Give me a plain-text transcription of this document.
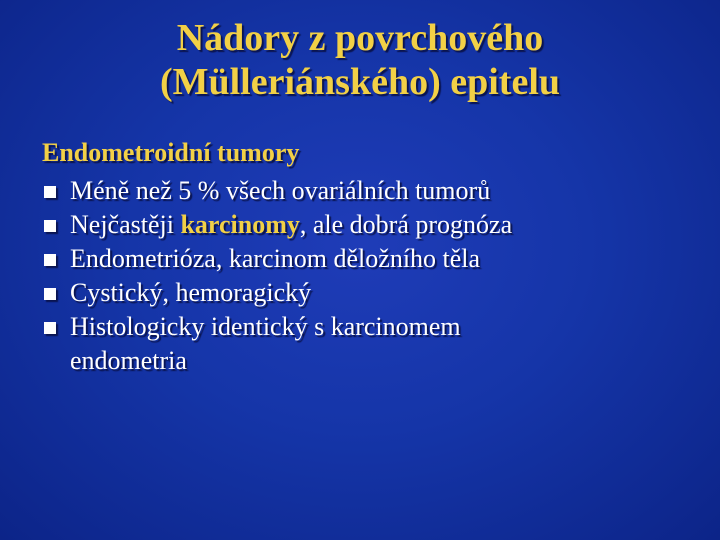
Nádory z povrchového
(Mülleriánského) epitelu
Endometroidní tumory
Méně než 5 % všech ovariálních tumorů
Nejčastěji karcinomy, ale dobrá prognóza
Endometrióza, karcinom děložního těla
Cystický, hemoragický
Histologicky identický s karcinomem endometria
